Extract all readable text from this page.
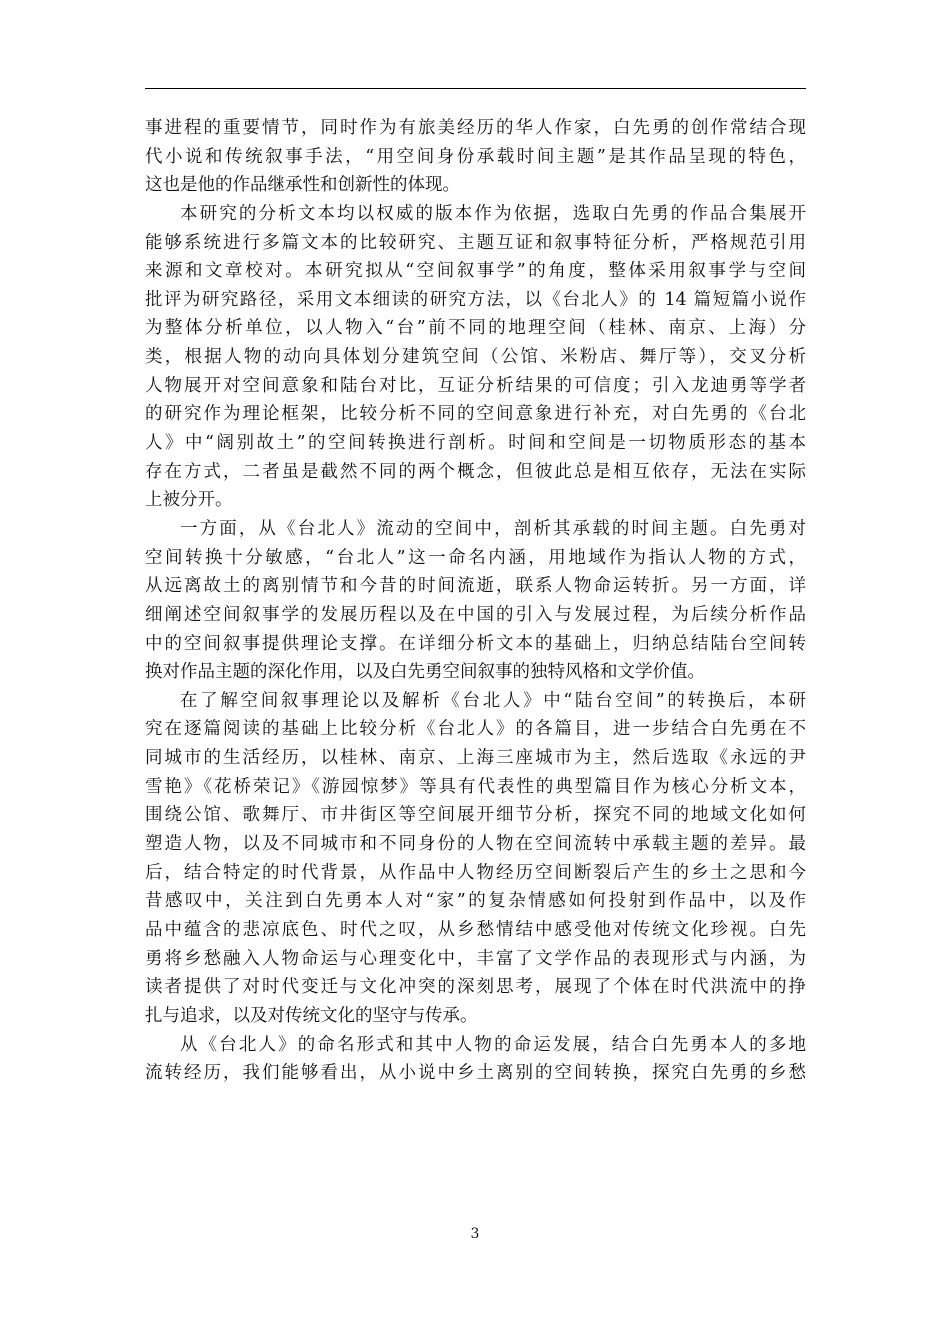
事进程的重要情节，同时作为有旅美经历的华人作家，白先勇的创作常结合现
代小说和传统叙事手法，“用空间身份承载时间主题”是其作品呈现的特色，
这也是他的作品继承性和创新性的体现。
本研究的分析文本均以权威的版本作为依据，选取白先勇的作品合集展开
能够系统进行多篇文本的比较研究、主题互证和叙事特征分析，严格规范引用
来源和文章校对。本研究拟从“空间叙事学”的角度，整体采用叙事学与空间
批评为研究路径，采用文本细读的研究方法，以《台北人》的 14 篇短篇小说作
为整体分析单位，以人物入“台”前不同的地理空间（桂林、南京、上海）分
类，根据人物的动向具体划分建筑空间（公馆、米粉店、舞厅等），交叉分析
人物展开对空间意象和陆台对比，互证分析结果的可信度；引入龙迪勇等学者
的研究作为理论框架，比较分析不同的空间意象进行补充，对白先勇的《台北
人》中“阔别故土”的空间转换进行剖析。时间和空间是一切物质形态的基本
存在方式，二者虽是截然不同的两个概念，但彼此总是相互依存，无法在实际
上被分开。
一方面，从《台北人》流动的空间中，剖析其承载的时间主题。白先勇对
空间转换十分敏感，“台北人”这一命名内涵，用地域作为指认人物的方式，
从远离故土的离别情节和今昔的时间流逝，联系人物命运转折。另一方面，详
细阐述空间叙事学的发展历程以及在中国的引入与发展过程，为后续分析作品
中的空间叙事提供理论支撑。在详细分析文本的基础上，归纳总结陆台空间转
换对作品主题的深化作用，以及白先勇空间叙事的独特风格和文学价值。
在了解空间叙事理论以及解析《台北人》中“陆台空间”的转换后，本研
究在逐篇阅读的基础上比较分析《台北人》的各篇目，进一步结合白先勇在不
同城市的生活经历，以桂林、南京、上海三座城市为主，然后选取《永远的尹
雪艳》《花桥荣记》《游园惊梦》等具有代表性的典型篇目作为核心分析文本，
围绕公馆、歌舞厅、市井街区等空间展开细节分析，探究不同的地域文化如何
塑造人物，以及不同城市和不同身份的人物在空间流转中承载主题的差异。最
后，结合特定的时代背景，从作品中人物经历空间断裂后产生的乡土之思和今
昔感叹中，关注到白先勇本人对“家”的复杂情感如何投射到作品中，以及作
品中蕴含的悲凉底色、时代之叹，从乡愁情结中感受他对传统文化珍视。白先
勇将乡愁融入人物命运与心理变化中，丰富了文学作品的表现形式与内涵，为
读者提供了对时代变迁与文化冲突的深刻思考，展现了个体在时代洪流中的挣
扎与追求，以及对传统文化的坚守与传承。
从《台北人》的命名形式和其中人物的命运发展，结合白先勇本人的多地
流转经历，我们能够看出，从小说中乡土离别的空间转换，探究白先勇的乡愁
3
